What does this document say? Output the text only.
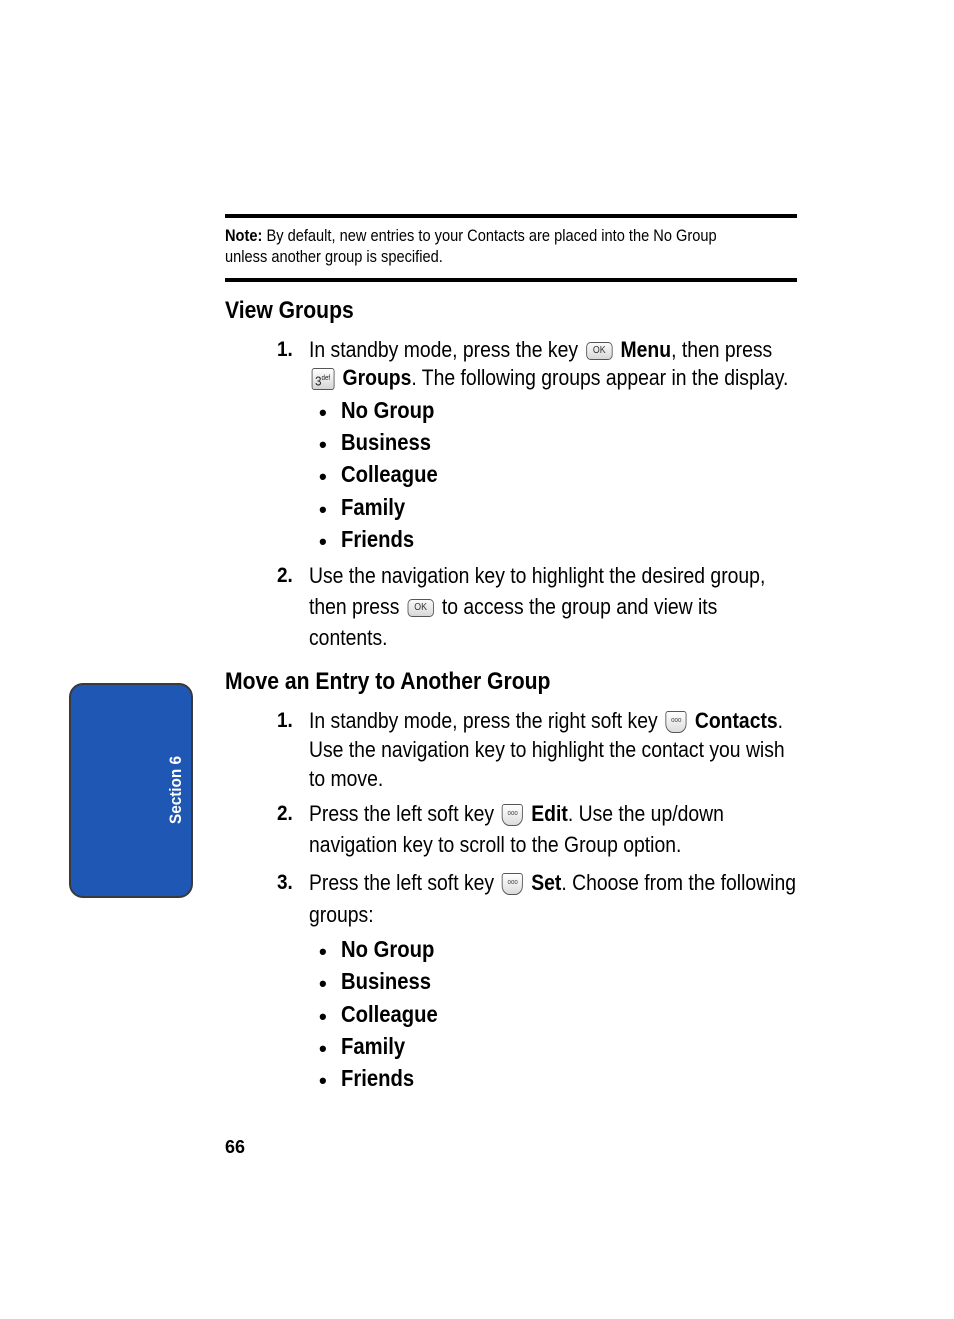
Note: By default, new entries to your Contacts are placed into the No Group
unless another group is specified.
View Groups
1. In standby mode, press the key OK Menu, then press
$3^{def}$ Groups. The following groups appear in the display.
• No Group
• Business
• Colleague
• Family
• Friends
2. Use the navigation key to highlight the desired group,
then press OK to access the group and view its
contents.
Move an Entry to Another Group
1. In standby mode, press the right soft key ooo Contacts.
Use the navigation key to highlight the contact you wish
to move.
2. Press the left soft key ooo Edit. Use the up/down
navigation key to scroll to the Group option.
3. Press the left soft key ooo Set. Choose from the following
groups:
• No Group
• Business
• Colleague
• Family
• Friends
Section 6
66
